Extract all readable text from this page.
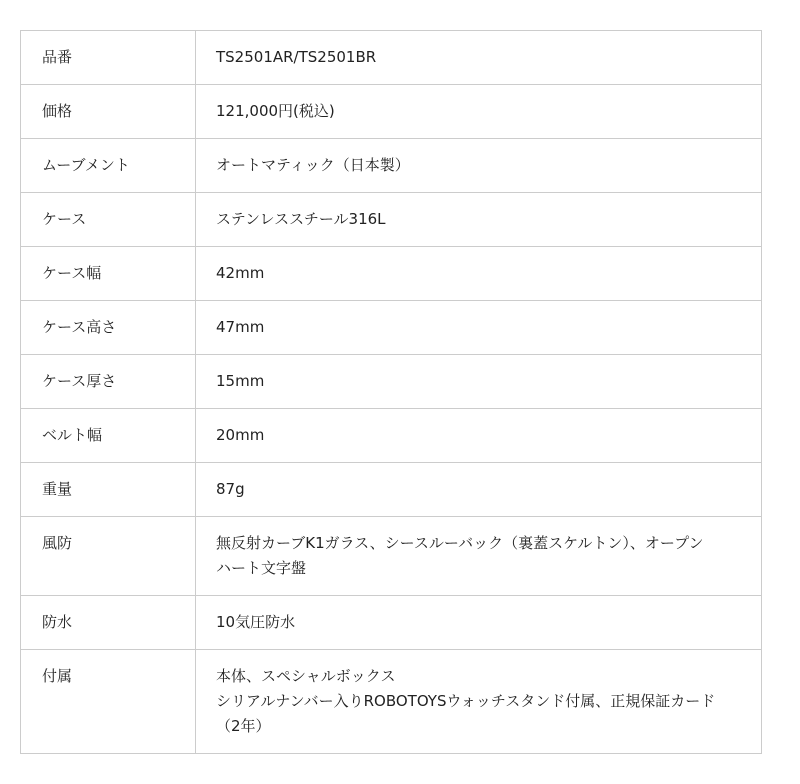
品番	TS2501AR/TS2501BR

価格	121,000円(税込)

ムーブメント	オートマティック（日本製）

ケース	ステンレススチール316L

ケース幅	42mm

ケース高さ	47mm

ケース厚さ	15mm

ベルト幅	20mm

重量	87g

風防	無反射カーブK1ガラス、シースルーバック（裏蓋スケルトン）、オープン
ハート文字盤

防水	10気圧防水

付属	本体、スペシャルボックス
シリアルナンバー入りROBOTOYSウォッチスタンド付属、正規保証カード
（2年）
